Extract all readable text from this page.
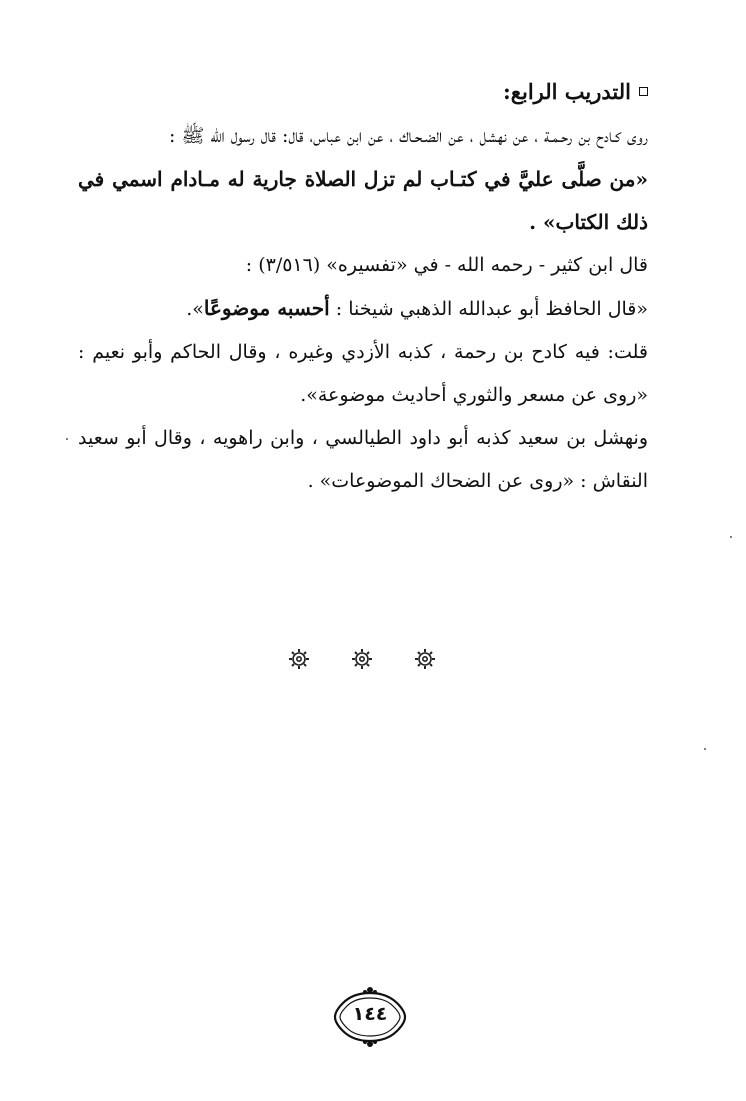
التدريب الرابع:

روى كـادح بن رحـمـة ، عن نهشل ، عن الضـحـاك ، عن ابن عباس، قال: قال رسول الله ﷺ :

«من صلَّى عليَّ في كتـاب لم تزل الصلاة جارية له مـادام اسمي في ذلك الكتاب» .

قال ابن كثير - رحمه الله - في «تفسيره» (٣/٥١٦) :

«قال الحافظ أبو عبدالله الذهبي شيخنا : أحسبه موضوعًا».

قلت: فيه كادح بن رحمة ، كذبه الأزدي وغيره ، وقال الحاكم وأبو نعيم : «روى عن مسعر والثوري أحاديث موضوعة».

ونهشل بن سعيد كذبه أبو داود الطيالسي ، وابن راهويه ، وقال أبو سعيد النقاش : «روى عن الضحاك الموضوعات» .

١٤٤
